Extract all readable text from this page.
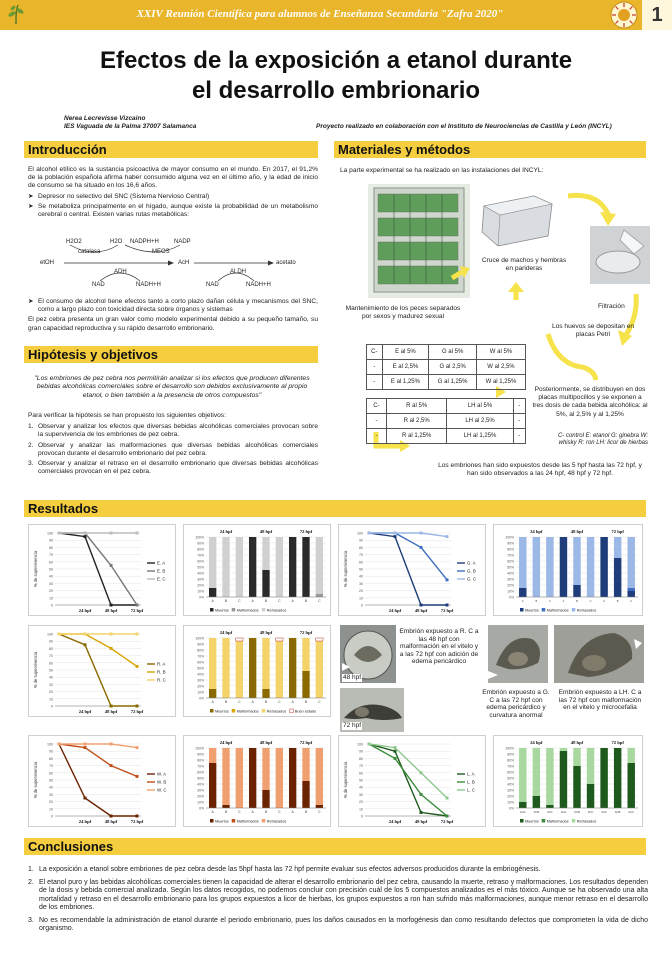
XXIV Reunión Científica para alumnos de Enseñanza Secundaria "Zafra 2020"	1
Efectos de la exposición a etanol durante
el desarrollo embrionario
Nerea Lecrevisse Vizcaino
IES Vaguada de la Palma 37007 Salamanca	Proyecto realizado en colaboración con el Instituto de Neurociencias de Castilla y León (INCYL)
Introducción

El alcohol etílico es la sustancia psicoactiva de mayor consumo en el mundo. En 2017, el 91,2% de la población española afirma haber consumido alguna vez en el último año, y la edad de inicio de consumo se ha situado en los 16,6 años.

➤ Depresor no selectivo del SNC (Sistema Nervioso Central)
➤ Se metaboliza principalmente en el hígado, aunque existe la probabilidad de un metabolismo cerebral o central. Existen varias rutas metabólicas:
H2O2
catalasa
H2O NADPH+H	NADP
MEOS
etOH	AcH	acetato
ADH	ALDH
NAD	NADH+H	NAD	NADH+H
➤ El consumo de alcohol tiene efectos tanto a corto plazo dañan célula y mecanismos del SNC, como a largo plazo con toxicidad directa sobre órganos y sistemas

El pez cebra presenta un gran valor como modelo experimental debido a su pequeño tamaño, su gran capacidad reproductiva y su rápido desarrollo embrionario.

Hipótesis y objetivos
"Los embriones de pez cebra nos permitirán analizar si los efectos que producen diferentes bebidas alcohólicas comerciales sobre el desarrollo son debidos exclusivamente al propio etanol, o bien también a la presencia de otros compuestos"

Para verificar la hipótesis se han propuesto los siguientes objetivos:

1. Observar y analizar los efectos que diversas bebidas alcohólicas comerciales provocan sobre la supervivencia de los embriones de pez cebra.
2. Observar y analizar las malformaciones que diversas bebidas alcohólicas comerciales provocan durante el desarrollo embrionario del pez cebra.
3. Observar y analizar el retraso en el desarrollo embrionario que diversas bebidas alcohólicas comerciales provocan en el pez cebra.
Materiales y métodos
La parte experimental se ha realizado en las instalaciones del INCYL:
Cruce de machos y hembras en parideras
Mantenimiento de los peces separados por sexos y madurez sexual
Filtración
Los huevos se depositan en placas Petri
C-	E al 5%	G al 5%	W al 5%
-	E al 2,5%	G al 2,5%	W al 2,5%
-	E al 1,25%	G al 1,25%	W al 1,25%
C-	R al 5%	LH al 5%	-
-	R al 2,5%	LH al 2,5%	-
-	R al 1,25%	LH al 1,25%	-
Posteriormente, se distribuyen en dos placas multipocillos y se exponen a tres dosis de cada bebida alcohólica: al 5%, al 2,5% y al 1,25%
C- control E: etanol G: ginebra W: whisky R: ron LH: licor de hierbas
Los embriones han sido expuestos desde las 5 hpf hasta las 72 hpf, y han sido observados a las 24 hpf, 48 hpf y 72 hpf.
Resultados
0
10
20
30
40
50
60
70
80
90
100
% de supervivencia
24 hpf	48 hpf	72 hpf
E. A
E. B
E. C
0%
10%
20%
30%
40%
50%
60%
70%
80%
90%
100%
24 hpf	48 hpf	72 hpf
A	B	C	A	B	C	A	B	C
Muertos Malformados Retrasados
0
10
20
30
40
50
60
70
80
90
100
% de supervivencia
24 hpf	48 hpf	72 hpf
G. A
G. B
G. C
0%
10%
20%
30%
40%
50%
60%
70%
80%
90%
100%
24 hpf	48 hpf	72 hpf
A	B	C	A	B	C	A	B	C
Muertos Malformados Retrasados
0
10
20
30
40
50
60
70
80
90
100
% de supervivencia
24 hpf	48 hpf	72 hpf
R. A
R. B
R. C
0%
10%
20%
30%
40%
50%
60%
70%
80%
90%
100%
24 hpf	48 hpf	72 hpf
A	B	C	A	B	C	A	B	C
Muertos Malformados Retrasados Buen estado
48 hpf
72 hpf
Embrión expuesto a R. C a las 48 hpf con malformación en el vitelo y a las 72 hpf con adición de edema pericárdico
Embrión expuesto a G. C a las 72 hpf con edema pericárdico y curvatura anormal
Embrión expuesto a LH. C a las 72 hpf con malformación en el vitelo y microcefalia
0
10
20
30
40
50
60
70
80
90
100
% de supervivencia
24 hpf	48 hpf	72 hpf
W. A
W. B
W. C
0%
10%
20%
30%
40%
50%
60%
70%
80%
90%
100%
24 hpf	48 hpf	72 hpf
A	B	C	A	B	C	A	B	C
Muertos Malformados Retrasados
0
10
20
30
40
50
60
70
80
90
100
% de supervivencia
24 hpf	48 hpf	72 hpf
L. A
L. B
L. C
0%
10%
20%
30%
40%
50%
60%
70%
80%
90%
100%
24 hpf	48 hpf	72 hpf
Sc/A	Sc/B	Sc/C	Sc/A	Sc/B	Sc/C	Sc/A	Sc/B	Sc/C
Muertos Malformados Retrasados
Conclusiones
1. La exposición a etanol sobre embriones de pez cebra desde las 5hpf hasta las 72 hpf permite evaluar sus efectos adversos producidos durante la embriogénesis.
2. El etanol puro y las bebidas alcohólicas comerciales tienen la capacidad de alterar el desarrollo embrionario del pez cebra, causando la muerte, retraso y malformaciones. Los resultados dependen de la dosis y bebida comercial analizada. Según los datos recogidos, no podemos concluir con precisión cuál de los 5 compuestos analizados es el más tóxico. Aunque se ha observado una alta mortalidad y retraso en el desarrollo embrionario para los grupos expuestos a licor de hierbas, los grupos expuestos a ron han sufrido más malformaciones, aunque menor retraso en el desarrollo de los embriones.
3. No es recomendable la administración de etanol durante el periodo embrionario, pues los daños causados en la morfogénesis dan como resultando defectos que comprometen la vida de dicho organismo.
